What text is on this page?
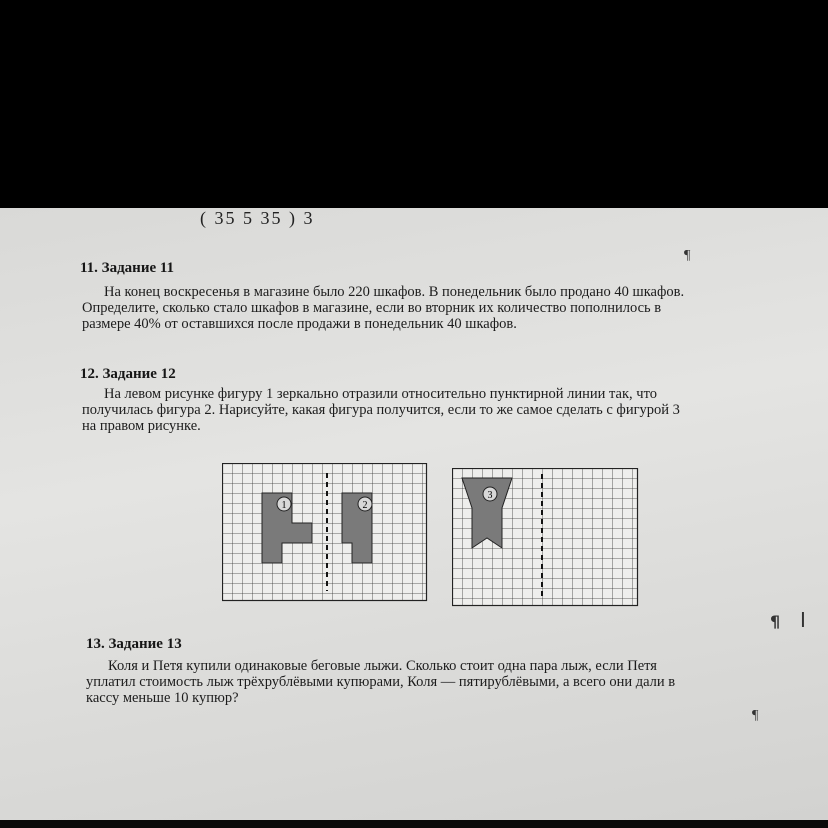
( 35 5 35 ) 3
11. Задание 11
¶
На конец воскресенья в магазине было 220 шкафов. В понедельник было продано 40 шкафов.
Определите, сколько стало шкафов в магазине, если во вторник их количество пополнилось в
размере 40% от оставшихся после продажи в понедельник 40 шкафов.
12. Задание 12
На левом рисунке фигуру 1 зеркально отразили относительно пунктирной линии так, что
получилась фигура 2. Нарисуйте, какая фигура получится, если то же самое сделать с фигурой 3
на правом рисунке.
1	2
3
¶ I
13. Задание 13
Коля и Петя купили одинаковые беговые лыжи. Сколько стоит одна пара лыж, если Петя
уплатил стоимость лыж трёхрублёвыми купюрами, Коля — пятирублёвыми, а всего они дали в
кассу меньше 10 купюр?
¶
